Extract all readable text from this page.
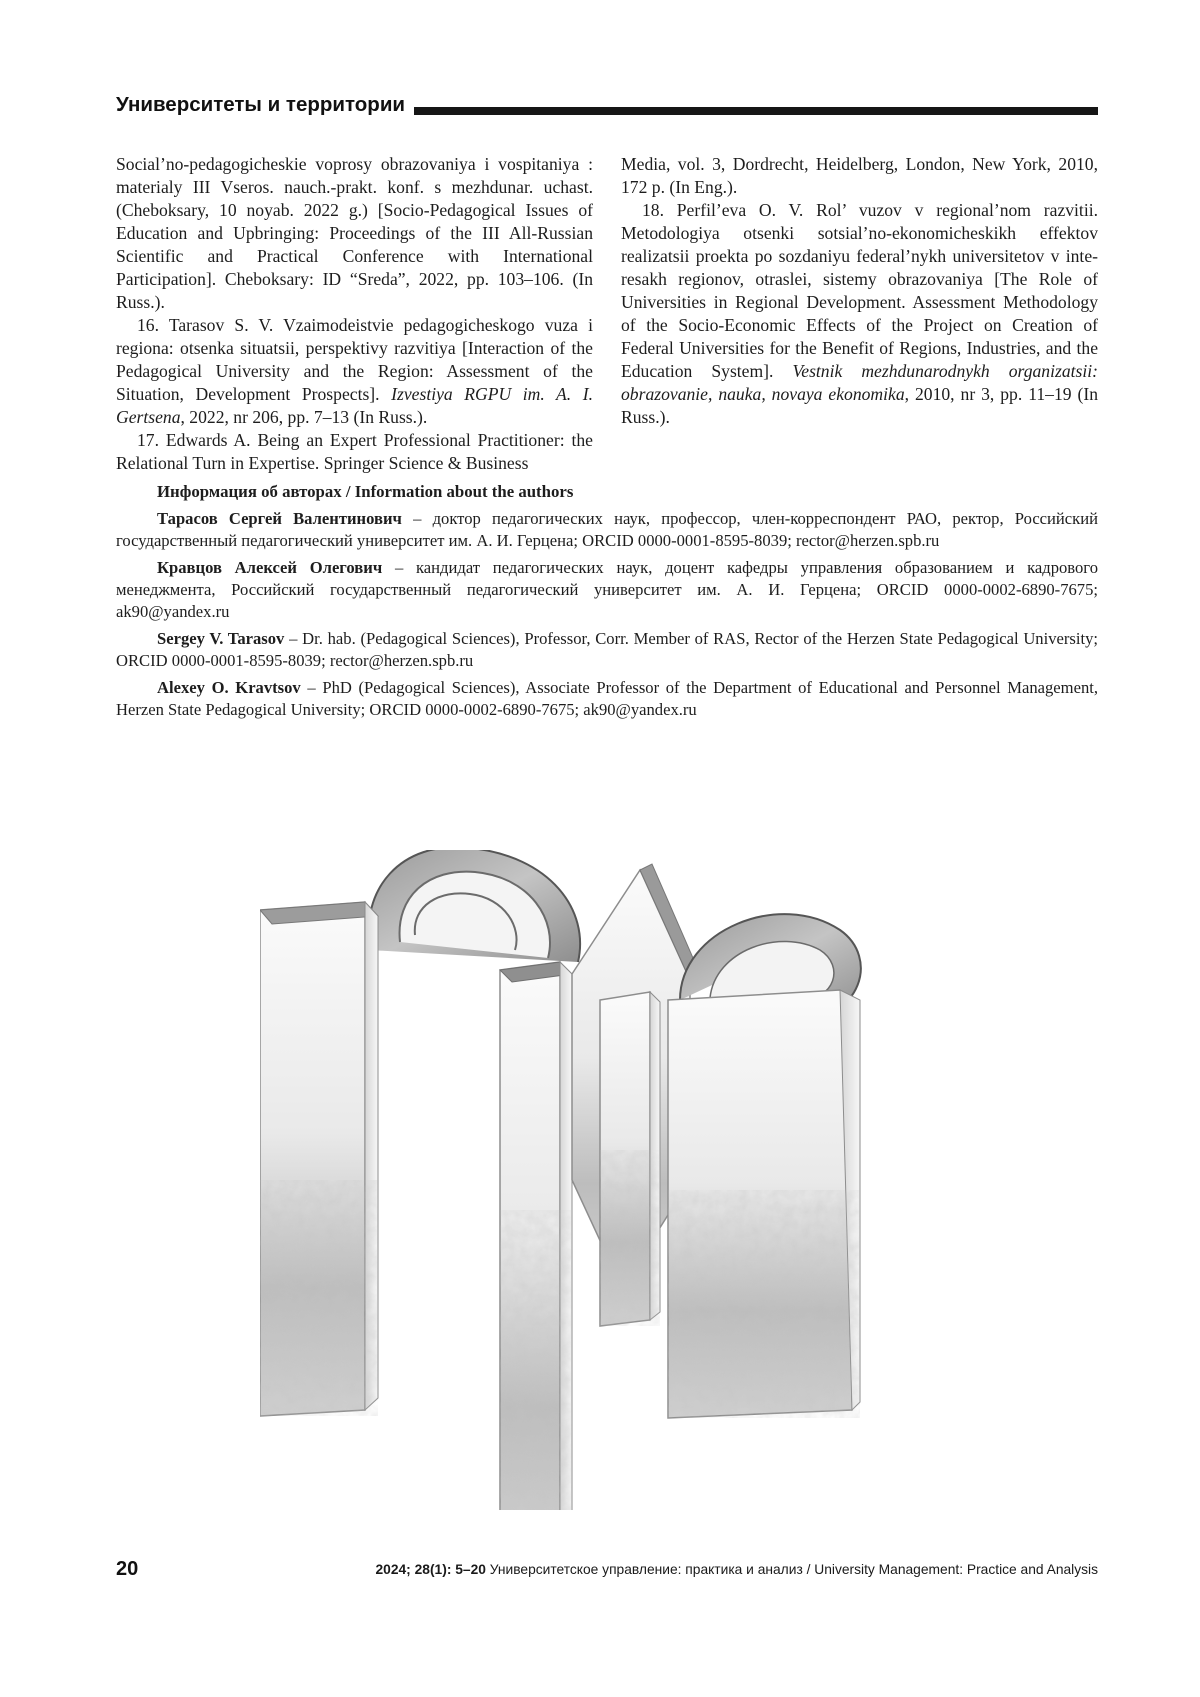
Университеты и территории

Social’no-pedagogicheskie voprosy obrazovaniya i vospitaniya : materialy III Vseros. nauch.-prakt. konf. s mezhdunar. uchast. (Cheboksary, 10 noyab. 2022 g.) [Socio-Pedagogical Issues of Education and Upbringing: Proceedings of the III All-Russian Scientific and Practical Conference with International Participation]. Cheboksary: ID “Sreda”, 2022, pp. 103–106. (In Russ.).

16. Tarasov S. V. Vzaimodeistvie pedagogicheskogo vuza i regiona: otsenka situatsii, perspektivy razvitiya [Interaction of the Pedagogical University and the Region: Assessment of the Situation, Development Prospects]. Izvestiya RGPU im. A. I. Gertsena, 2022, nr 206, pp. 7–13 (In Russ.).

17. Edwards A. Being an Expert Professional Practitioner: the Relational Turn in Expertise. Springer Science & Business

Media, vol. 3, Dordrecht, Heidelberg, London, New York, 2010, 172 p. (In Eng.).

18. Perfil’eva O. V. Rol’ vuzov v regional’nom razvitii. Metodologiya otsenki sotsial’no-ekonomicheskikh effektov realizatsii proekta po sozdaniyu federal’nykh universitetov v inte-resakh regionov, otraslei, sistemy obrazovaniya [The Role of Universities in Regional Development. Assessment Methodology of the Socio-Economic Effects of the Project on Creation of Federal Universities for the Benefit of Regions, Industries, and the Education System]. Vestnik mezhdunarodnykh organizatsii: obrazovanie, nauka, novaya ekonomika, 2010, nr 3, pp. 11–19 (In Russ.).

Информация об авторах / Information about the authors

Тарасов Сергей Валентинович – доктор педагогических наук, профессор, член-корреспондент РАО, ректор, Российский государственный педагогический университет им. А. И. Герцена; ORCID 0000-0001-8595-8039; rector@herzen.spb.ru

Кравцов Алексей Олегович – кандидат педагогических наук, доцент кафедры управления образованием и кадрового менеджмента, Российский государственный педагогический университет им. А. И. Герцена; ORCID 0000-0002-6890-7675; ak90@yandex.ru

Sergey V. Tarasov – Dr. hab. (Pedagogical Sciences), Professor, Corr. Member of RAS, Rector of the Herzen State Pedagogical University; ORCID 0000-0001-8595-8039; rector@herzen.spb.ru

Alexey O. Kravtsov – PhD (Pedagogical Sciences), Associate Professor of the Department of Educational and Personnel Management, Herzen State Pedagogical University; ORCID 0000-0002-6890-7675; ak90@yandex.ru

20	2024; 28(1): 5–20 Университетское управление: практика и анализ / University Management: Practice and Analysis
